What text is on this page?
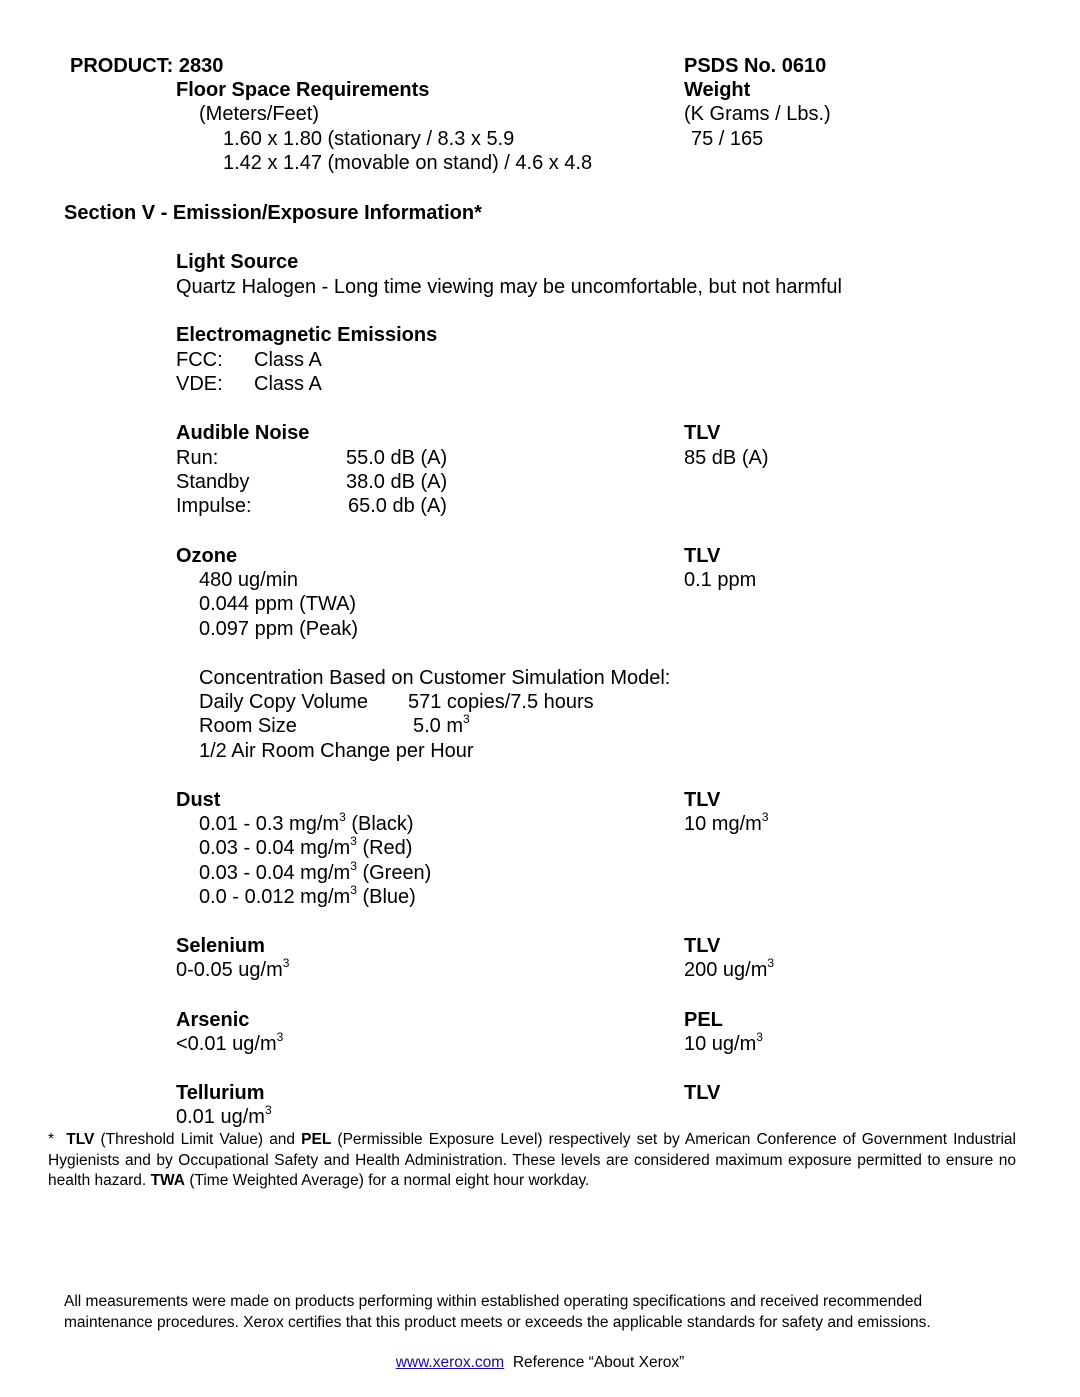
PRODUCT: 2830	PSDS No. 0610
Floor Space Requirements	Weight
(Meters/Feet)	(K Grams / Lbs.)
1.60 x 1.80 (stationary / 8.3 x 5.9	75 / 165
1.42 x 1.47 (movable on stand) / 4.6 x 4.8
Section V - Emission/Exposure Information*
Light Source
Quartz Halogen - Long time viewing may be uncomfortable, but not harmful
Electromagnetic Emissions
FCC: Class A
VDE: Class A
Audible Noise	TLV
Run:	55.0 dB (A)	85 dB (A)
Standby	38.0 dB (A)
Impulse:	65.0 db (A)
Ozone	TLV
480 ug/min	0.1 ppm
0.044 ppm (TWA)
0.097 ppm (Peak)
Concentration Based on Customer Simulation Model:
Daily Copy Volume 571 copies/7.5 hours
Room Size	5.0 $m^3$
1/2 Air Room Change per Hour
Dust	TLV
0.01 - 0.3 $mg/m^3$ (Black)	10 $mg/m^3$
0.03 - 0.04 $mg/m^3$ (Red)
0.03 - 0.04 $mg/m^3$ (Green)
0.0 - 0.012 $mg/m^3$ (Blue)
Selenium	TLV
0-0.05 $ug/m^3$	200 $ug/m^3$
Arsenic	PEL
<0.01 $ug/m^3$	10 $ug/m^3$
Tellurium	TLV
0.01 $ug/m^3$
* TLV (Threshold Limit Value) and PEL (Permissible Exposure Level) respectively set by American Conference of Government Industrial Hygienists and by Occupational Safety and Health Administration. These levels are considered maximum exposure permitted to ensure no health hazard. TWA (Time Weighted Average) for a normal eight hour workday.
All measurements were made on products performing within established operating specifications and received recommended maintenance procedures. Xerox certifies that this product meets or exceeds the applicable standards for safety and emissions.
www.xerox.com Reference “About Xerox”
